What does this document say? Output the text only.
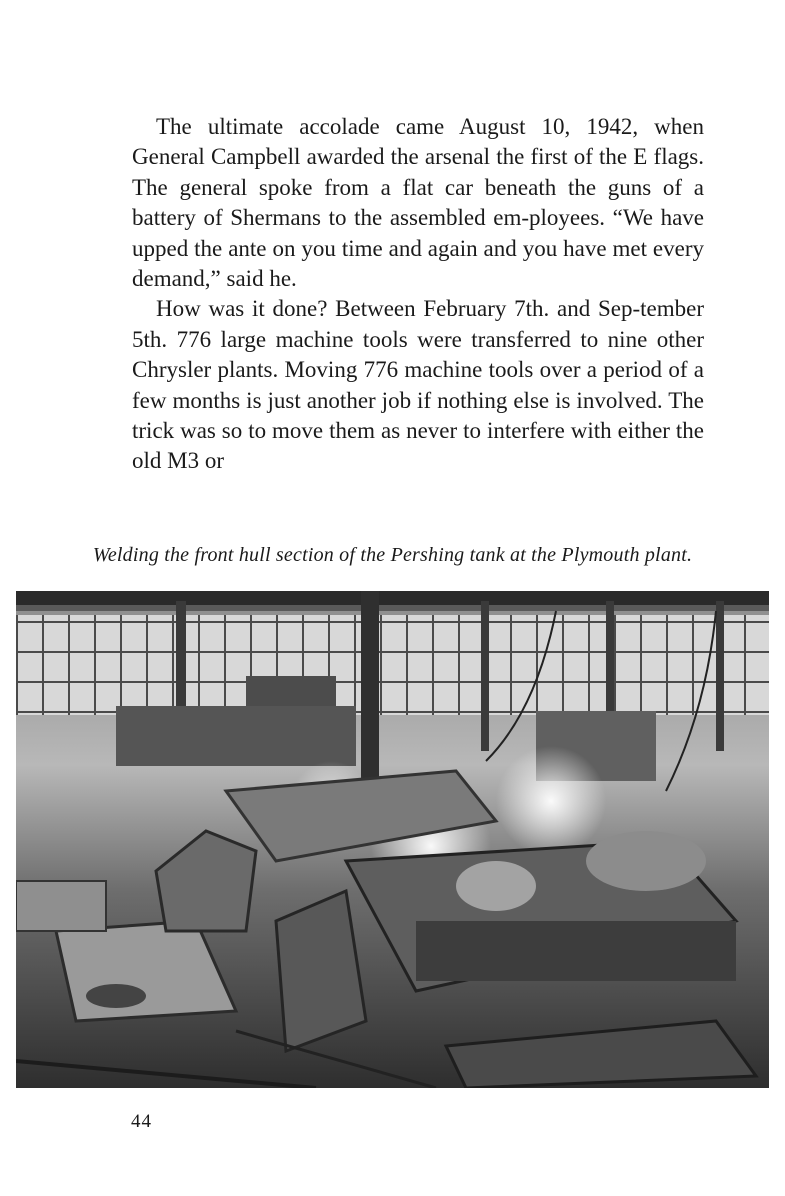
The ultimate accolade came August 10, 1942, when General Campbell awarded the arsenal the first of the E flags. The general spoke from a flat car beneath the guns of a battery of Shermans to the assembled em-ployees. “We have upped the ante on you time and again and you have met every demand,” said he.

How was it done? Between February 7th. and Sep-tember 5th. 776 large machine tools were transferred to nine other Chrysler plants. Moving 776 machine tools over a period of a few months is just another job if nothing else is involved. The trick was so to move them as never to interfere with either the old M3 or

Welding the front hull section of the Pershing tank at the Plymouth plant.
44
